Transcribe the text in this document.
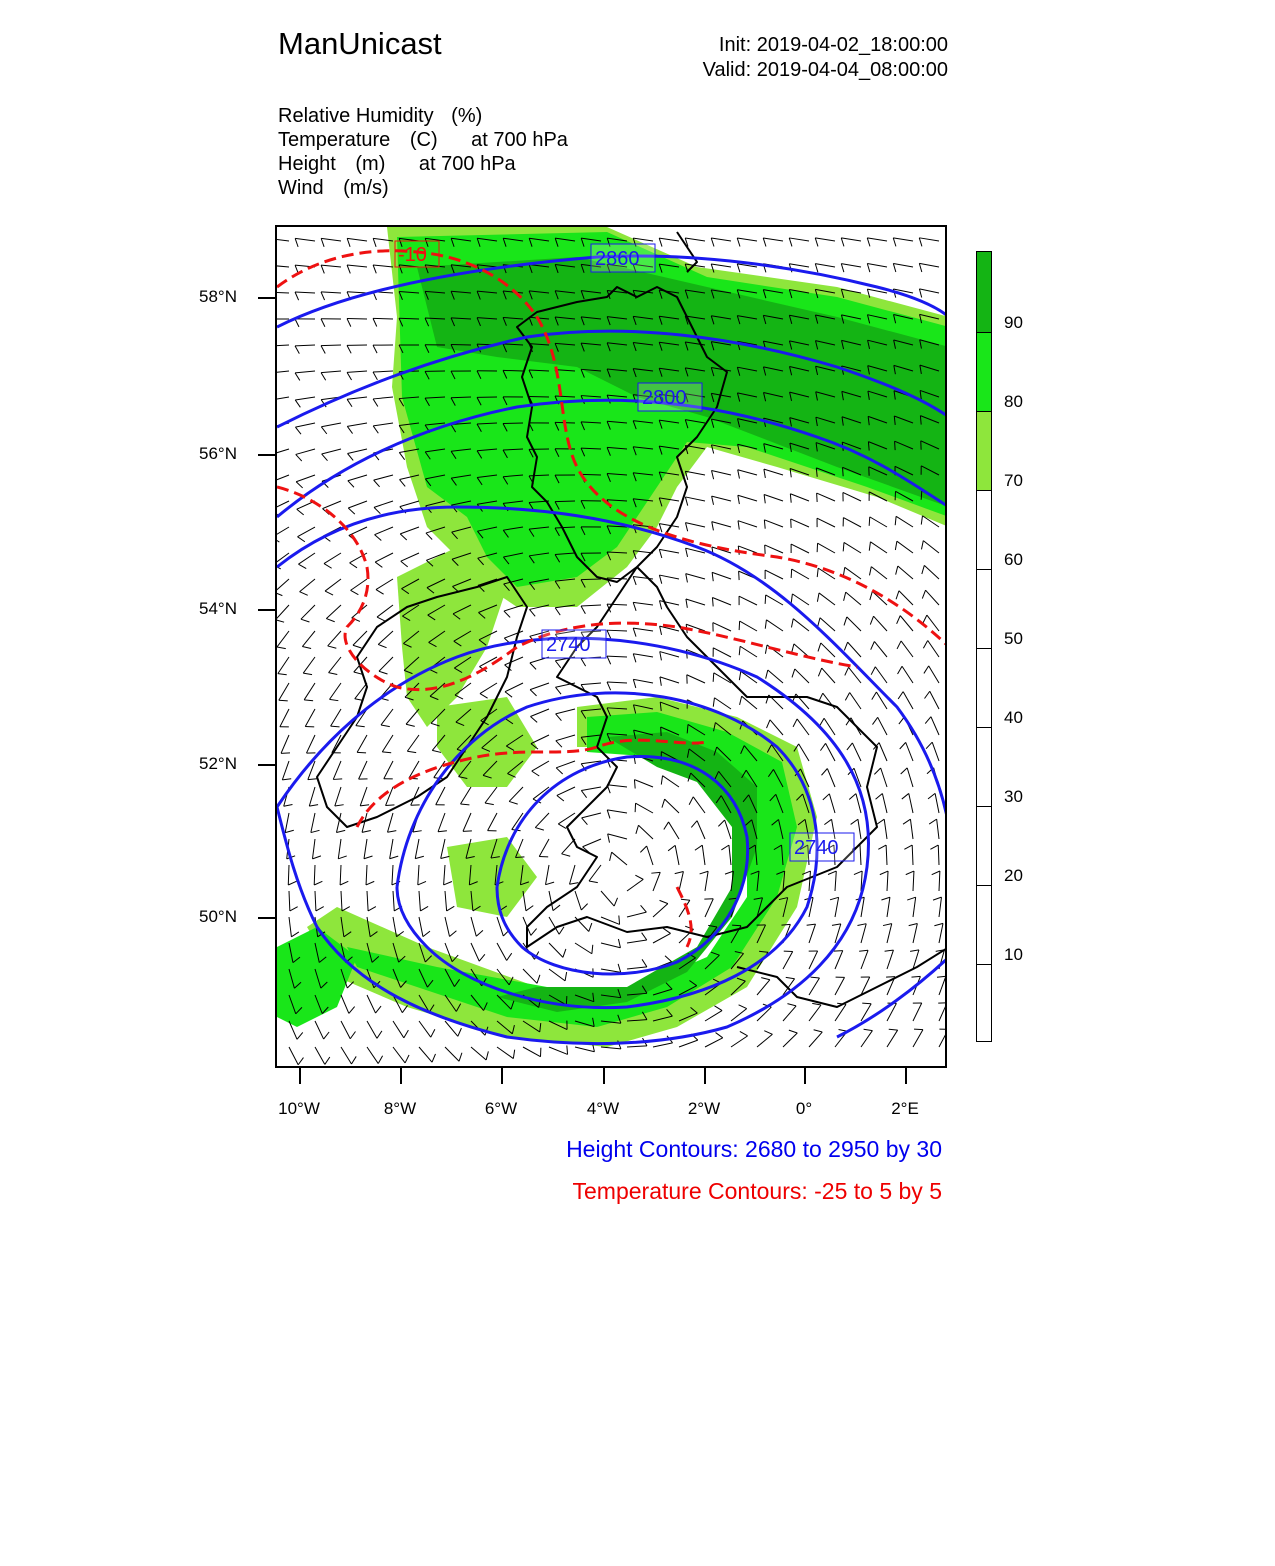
ManUnicast	Init: 2019-04-02_18:00:00
Valid: 2019-04-04_08:00:00
Relative Humidity (%)
Temperature (C) at 700 hPa
Height (m) at 700 hPa
Wind (m/s)
2860
2800
2740
2740
-10
58°N
56°N
54°N
52°N
50°N
10°W	8°W	6°W	4°W	2°W	0°	2°E
90
80
70
60
50
40
30
20
10
Height Contours: 2680 to 2950 by 30
Temperature Contours: -25 to 5 by 5
